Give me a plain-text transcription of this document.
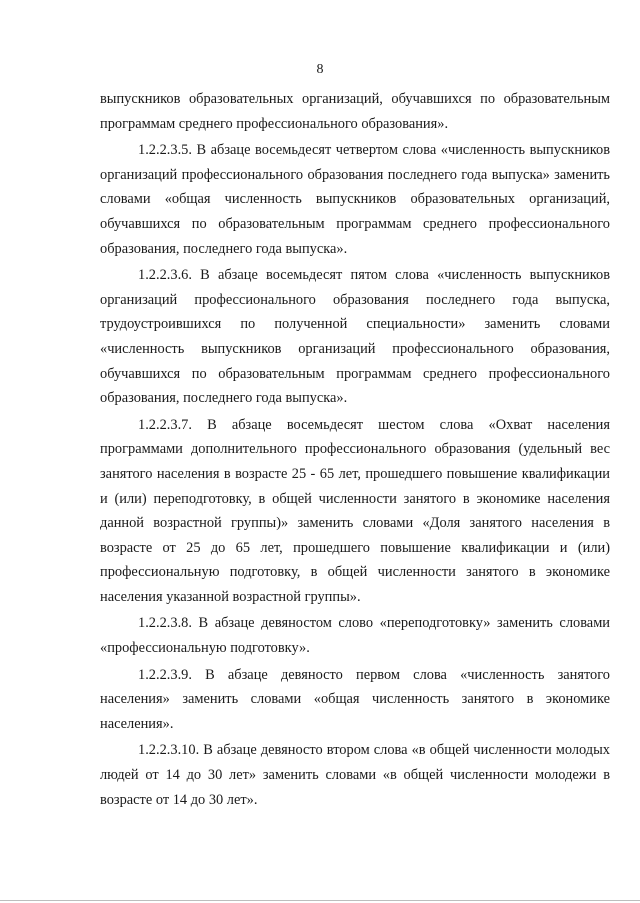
8

выпускников образовательных организаций, обучавшихся по образовательным программам среднего профессионального образования».

1.2.2.3.5. В абзаце восемьдесят четвертом слова «численность выпускников организаций профессионального образования последнего года выпуска» заменить словами «общая численность выпускников образовательных организаций, обучавшихся по образовательным программам среднего профессионального образования, последнего года выпуска».

1.2.2.3.6. В абзаце восемьдесят пятом слова «численность выпускников организаций профессионального образования последнего года выпуска, трудоустроившихся по полученной специальности» заменить словами «численность выпускников организаций профессионального образования, обучавшихся по образовательным программам среднего профессионального образования, последнего года выпуска».

1.2.2.3.7. В абзаце восемьдесят шестом слова «Охват населения программами дополнительного профессионального образования (удельный вес занятого населения в возрасте 25 - 65 лет, прошедшего повышение квалификации и (или) переподготовку, в общей численности занятого в экономике населения данной возрастной группы)» заменить словами «Доля занятого населения в возрасте от 25 до 65 лет, прошедшего повышение квалификации и (или) профессиональную подготовку, в общей численности занятого в экономике населения указанной возрастной группы».

1.2.2.3.8. В абзаце девяностом слово «переподготовку» заменить словами «профессиональную подготовку».

1.2.2.3.9. В абзаце девяносто первом слова «численность занятого населения» заменить словами «общая численность занятого в экономике населения».

1.2.2.3.10. В абзаце девяносто втором слова «в общей численности молодых людей от 14 до 30 лет» заменить словами «в общей численности молодежи в возрасте от 14 до 30 лет».
